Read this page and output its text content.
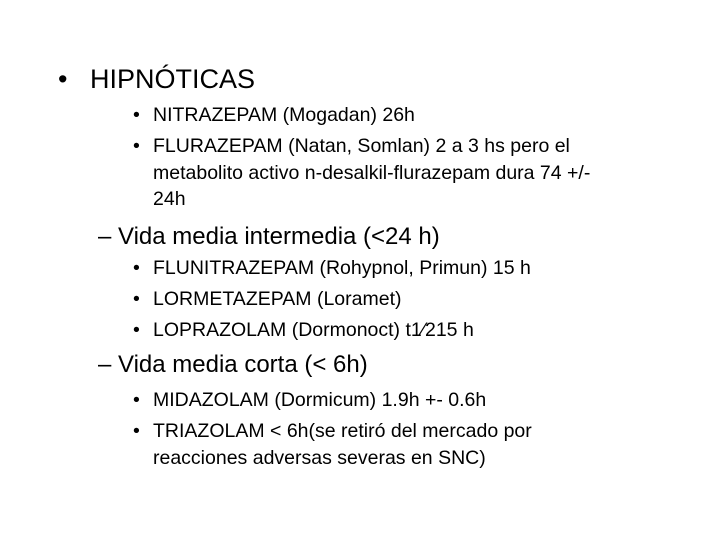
• HIPNÓTICAS
• NITRAZEPAM (Mogadan) 26h
• FLURAZEPAM (Natan, Somlan) 2 a 3 hs pero el
metabolito activo n-desalkil-flurazepam dura 74 +/-
24h
– Vida media intermedia (<24 h)
• FLUNITRAZEPAM (Rohypnol, Primun) 15 h
• LORMETAZEPAM (Loramet)
• LOPRAZOLAM (Dormonoct) t1⁄215 h
– Vida media corta (< 6h)
• MIDAZOLAM (Dormicum) 1.9h +- 0.6h
• TRIAZOLAM < 6h(se retiró del mercado por
reacciones adversas severas en SNC)
